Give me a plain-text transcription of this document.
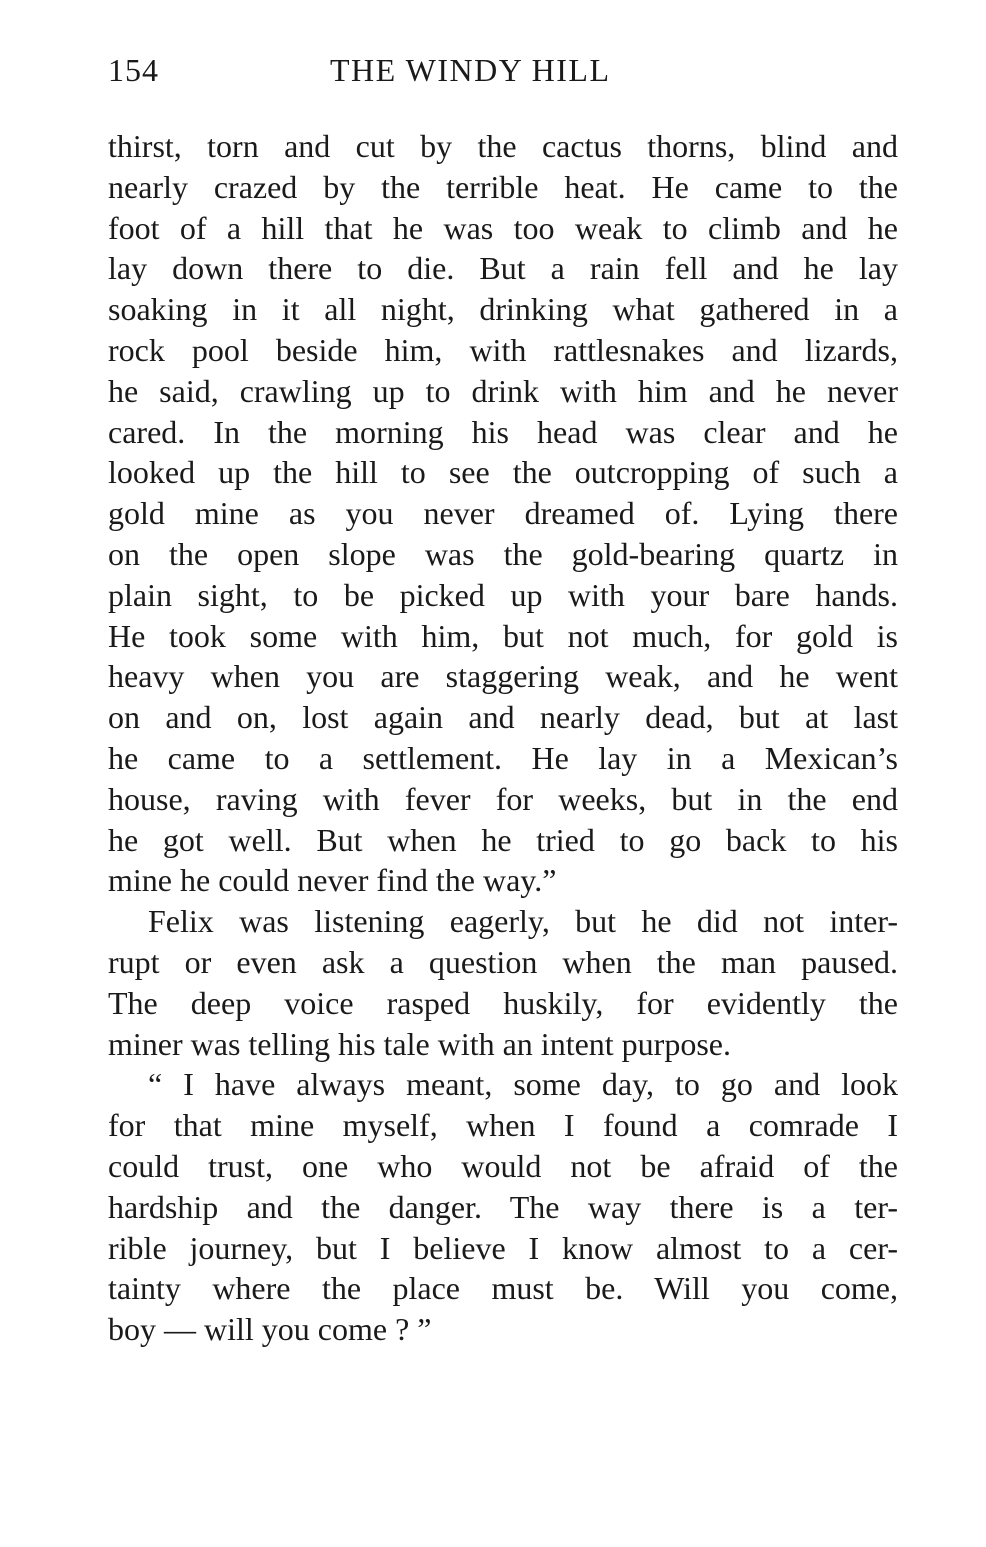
154	THE WINDY HILL
thirst, torn and cut by the cactus thorns, blind and
nearly crazed by the terrible heat. He came to the
foot of a hill that he was too weak to climb and he
lay down there to die. But a rain fell and he lay
soaking in it all night, drinking what gathered in a
rock pool beside him, with rattlesnakes and lizards,
he said, crawling up to drink with him and he never
cared. In the morning his head was clear and he
looked up the hill to see the outcropping of such a
gold mine as you never dreamed of. Lying there
on the open slope was the gold-bearing quartz in
plain sight, to be picked up with your bare hands.
He took some with him, but not much, for gold is
heavy when you are staggering weak, and he went
on and on, lost again and nearly dead, but at last
he came to a settlement. He lay in a Mexican’s
house, raving with fever for weeks, but in the end
he got well. But when he tried to go back to his
mine he could never find the way.”
Felix was listening eagerly, but he did not inter-
rupt or even ask a question when the man paused.
The deep voice rasped huskily, for evidently the
miner was telling his tale with an intent purpose.
“ I have always meant, some day, to go and look
for that mine myself, when I found a comrade I
could trust, one who would not be afraid of the
hardship and the danger. The way there is a ter-
rible journey, but I believe I know almost to a cer-
tainty where the place must be. Will you come,
boy — will you come ? ”
